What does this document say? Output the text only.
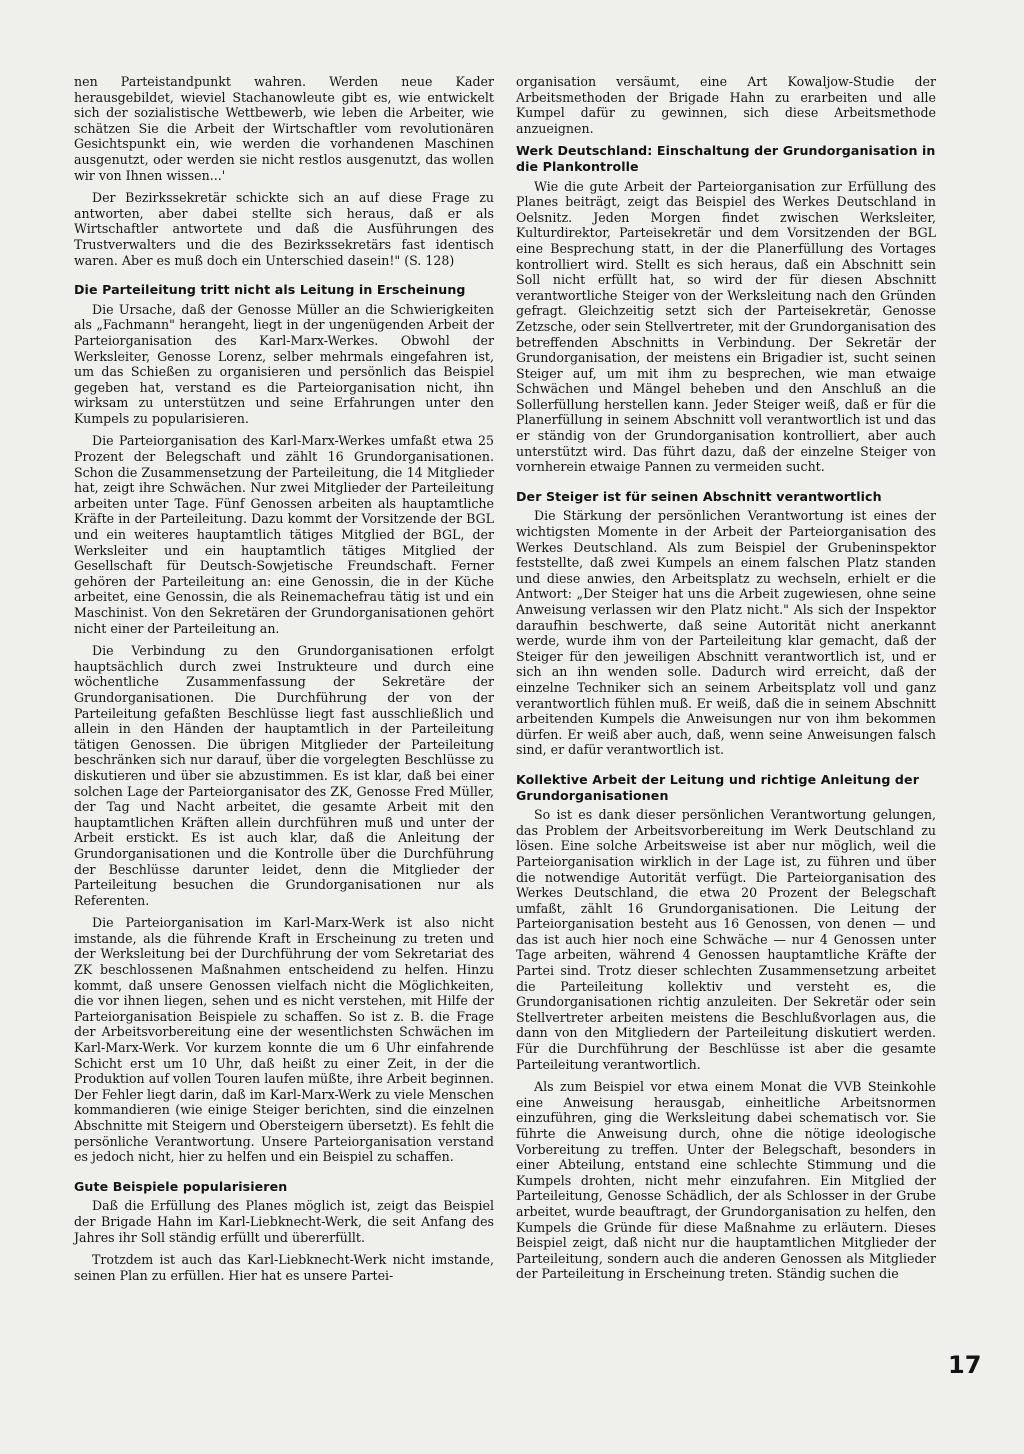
nen Parteistandpunkt wahren. Werden neue Kader herausgebildet, wieviel Stachanowleute gibt es, wie entwickelt sich der sozialistische Wettbewerb, wie leben die Arbeiter, wie schätzen Sie die Arbeit der Wirtschaftler vom revolutionären Gesichtspunkt ein, wie werden die vorhandenen Maschinen ausgenutzt, oder werden sie nicht restlos ausgenutzt, das wollen wir von Ihnen wissen...'

Der Bezirkssekretär schickte sich an auf diese Frage zu antworten, aber dabei stellte sich heraus, daß er als Wirtschaftler antwortete und daß die Ausführungen des Trustverwalters und die des Bezirkssekretärs fast identisch waren. Aber es muß doch ein Unterschied dasein!" (S. 128)

Die Parteileitung tritt nicht als Leitung in Erscheinung

Die Ursache, daß der Genosse Müller an die Schwierigkeiten als „Fachmann" herangeht, liegt in der ungenügenden Arbeit der Parteiorganisation des Karl-Marx-Werkes. Obwohl der Werksleiter, Genosse Lorenz, selber mehrmals eingefahren ist, um das Schießen zu organisieren und persönlich das Beispiel gegeben hat, verstand es die Parteiorganisation nicht, ihn wirksam zu unterstützen und seine Erfahrungen unter den Kumpels zu popularisieren.

Die Parteiorganisation des Karl-Marx-Werkes umfaßt etwa 25 Prozent der Belegschaft und zählt 16 Grundorganisationen. Schon die Zusammensetzung der Parteileitung, die 14 Mitglieder hat, zeigt ihre Schwächen. Nur zwei Mitglieder der Parteileitung arbeiten unter Tage. Fünf Genossen arbeiten als hauptamtliche Kräfte in der Parteileitung. Dazu kommt der Vorsitzende der BGL und ein weiteres hauptamtlich tätiges Mitglied der BGL, der Werksleiter und ein hauptamtlich tätiges Mitglied der Gesellschaft für Deutsch-Sowjetische Freundschaft. Ferner gehören der Parteileitung an: eine Genossin, die in der Küche arbeitet, eine Genossin, die als Reinemachefrau tätig ist und ein Maschinist. Von den Sekretären der Grundorganisationen gehört nicht einer der Parteileitung an.

Die Verbindung zu den Grundorganisationen erfolgt hauptsächlich durch zwei Instrukteure und durch eine wöchentliche Zusammenfassung der Sekretäre der Grundorganisationen. Die Durchführung der von der Parteileitung gefaßten Beschlüsse liegt fast ausschließlich und allein in den Händen der hauptamtlich in der Parteileitung tätigen Genossen. Die übrigen Mitglieder der Parteileitung beschränken sich nur darauf, über die vorgelegten Beschlüsse zu diskutieren und über sie abzustimmen. Es ist klar, daß bei einer solchen Lage der Parteiorganisator des ZK, Genosse Fred Müller, der Tag und Nacht arbeitet, die gesamte Arbeit mit den hauptamtlichen Kräften allein durchführen muß und unter der Arbeit erstickt. Es ist auch klar, daß die Anleitung der Grundorganisationen und die Kontrolle über die Durchführung der Beschlüsse darunter leidet, denn die Mitglieder der Parteileitung besuchen die Grundorganisationen nur als Referenten.

Die Parteiorganisation im Karl-Marx-Werk ist also nicht imstande, als die führende Kraft in Erscheinung zu treten und der Werksleitung bei der Durchführung der vom Sekretariat des ZK beschlossenen Maßnahmen entscheidend zu helfen. Hinzu kommt, daß unsere Genossen vielfach nicht die Möglichkeiten, die vor ihnen liegen, sehen und es nicht verstehen, mit Hilfe der Parteiorganisation Beispiele zu schaffen. So ist z. B. die Frage der Arbeitsvorbereitung eine der wesentlichsten Schwächen im Karl-Marx-Werk. Vor kurzem konnte die um 6 Uhr einfahrende Schicht erst um 10 Uhr, daß heißt zu einer Zeit, in der die Produktion auf vollen Touren laufen müßte, ihre Arbeit beginnen. Der Fehler liegt darin, daß im Karl-Marx-Werk zu viele Menschen kommandieren (wie einige Steiger berichten, sind die einzelnen Abschnitte mit Steigern und Obersteigern übersetzt). Es fehlt die persönliche Verantwortung. Unsere Parteiorganisation verstand es jedoch nicht, hier zu helfen und ein Beispiel zu schaffen.

Gute Beispiele popularisieren

Daß die Erfüllung des Planes möglich ist, zeigt das Beispiel der Brigade Hahn im Karl-Liebknecht-Werk, die seit Anfang des Jahres ihr Soll ständig erfüllt und übererfüllt.

Trotzdem ist auch das Karl-Liebknecht-Werk nicht imstande, seinen Plan zu erfüllen. Hier hat es unsere Partei-

organisation versäumt, eine Art Kowaljow-Studie der Arbeitsmethoden der Brigade Hahn zu erarbeiten und alle Kumpel dafür zu gewinnen, sich diese Arbeitsmethode anzueignen.

Werk Deutschland: Einschaltung der Grundorganisation in die Plankontrolle

Wie die gute Arbeit der Parteiorganisation zur Erfüllung des Planes beiträgt, zeigt das Beispiel des Werkes Deutschland in Oelsnitz. Jeden Morgen findet zwischen Werksleiter, Kulturdirektor, Parteisekretär und dem Vorsitzenden der BGL eine Besprechung statt, in der die Planerfüllung des Vortages kontrolliert wird. Stellt es sich heraus, daß ein Abschnitt sein Soll nicht erfüllt hat, so wird der für diesen Abschnitt verantwortliche Steiger von der Werksleitung nach den Gründen gefragt. Gleichzeitig setzt sich der Parteisekretär, Genosse Zetzsche, oder sein Stellvertreter, mit der Grundorganisation des betreffenden Abschnitts in Verbindung. Der Sekretär der Grundorganisation, der meistens ein Brigadier ist, sucht seinen Steiger auf, um mit ihm zu besprechen, wie man etwaige Schwächen und Mängel beheben und den Anschluß an die Sollerfüllung herstellen kann. Jeder Steiger weiß, daß er für die Planerfüllung in seinem Abschnitt voll verantwortlich ist und das er ständig von der Grundorganisation kontrolliert, aber auch unterstützt wird. Das führt dazu, daß der einzelne Steiger von vornherein etwaige Pannen zu vermeiden sucht.

Der Steiger ist für seinen Abschnitt verantwortlich

Die Stärkung der persönlichen Verantwortung ist eines der wichtigsten Momente in der Arbeit der Parteiorganisation des Werkes Deutschland. Als zum Beispiel der Grubeninspektor feststellte, daß zwei Kumpels an einem falschen Platz standen und diese anwies, den Arbeitsplatz zu wechseln, erhielt er die Antwort: „Der Steiger hat uns die Arbeit zugewiesen, ohne seine Anweisung verlassen wir den Platz nicht." Als sich der Inspektor daraufhin beschwerte, daß seine Autorität nicht anerkannt werde, wurde ihm von der Parteileitung klar gemacht, daß der Steiger für den jeweiligen Abschnitt verantwortlich ist, und er sich an ihn wenden solle. Dadurch wird erreicht, daß der einzelne Techniker sich an seinem Arbeitsplatz voll und ganz verantwortlich fühlen muß. Er weiß, daß die in seinem Abschnitt arbeitenden Kumpels die Anweisungen nur von ihm bekommen dürfen. Er weiß aber auch, daß, wenn seine Anweisungen falsch sind, er dafür verantwortlich ist.

Kollektive Arbeit der Leitung und richtige Anleitung der Grundorganisationen

So ist es dank dieser persönlichen Verantwortung gelungen, das Problem der Arbeitsvorbereitung im Werk Deutschland zu lösen. Eine solche Arbeitsweise ist aber nur möglich, weil die Parteiorganisation wirklich in der Lage ist, zu führen und über die notwendige Autorität verfügt. Die Parteiorganisation des Werkes Deutschland, die etwa 20 Prozent der Belegschaft umfaßt, zählt 16 Grundorganisationen. Die Leitung der Parteiorganisation besteht aus 16 Genossen, von denen — und das ist auch hier noch eine Schwäche — nur 4 Genossen unter Tage arbeiten, während 4 Genossen hauptamtliche Kräfte der Partei sind. Trotz dieser schlechten Zusammensetzung arbeitet die Parteileitung kollektiv und versteht es, die Grundorganisationen richtig anzuleiten. Der Sekretär oder sein Stellvertreter arbeiten meistens die Beschlußvorlagen aus, die dann von den Mitgliedern der Parteileitung diskutiert werden. Für die Durchführung der Beschlüsse ist aber die gesamte Parteileitung verantwortlich.

Als zum Beispiel vor etwa einem Monat die VVB Steinkohle eine Anweisung herausgab, einheitliche Arbeitsnormen einzuführen, ging die Werksleitung dabei schematisch vor. Sie führte die Anweisung durch, ohne die nötige ideologische Vorbereitung zu treffen. Unter der Belegschaft, besonders in einer Abteilung, entstand eine schlechte Stimmung und die Kumpels drohten, nicht mehr einzufahren. Ein Mitglied der Parteileitung, Genosse Schädlich, der als Schlosser in der Grube arbeitet, wurde beauftragt, der Grundorganisation zu helfen, den Kumpels die Gründe für diese Maßnahme zu erläutern. Dieses Beispiel zeigt, daß nicht nur die hauptamtlichen Mitglieder der Parteileitung, sondern auch die anderen Genossen als Mitglieder der Parteileitung in Erscheinung treten. Ständig suchen die

17
